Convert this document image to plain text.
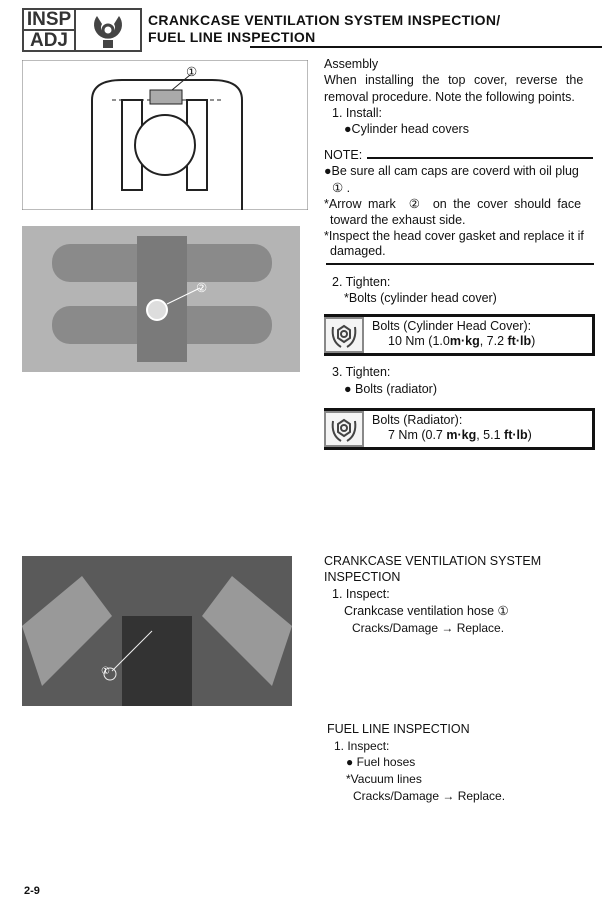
INSP
ADJ
CRANKCASE VENTILATION SYSTEM INSPECTION/
FUEL LINE INSPECTION
①
②
①
Assembly
When installing the top cover, reverse the
removal procedure. Note the following points.
1. Install:
●Cylinder head covers
NOTE:
●Be sure all cam caps are coverd with oil plug
① .
*Arrow mark  ②  on the cover should face
toward the exhaust side.
*Inspect the head cover gasket and replace it if
damaged.
2. Tighten:
*Bolts (cylinder head cover)
Bolts (Cylinder Head Cover):
10 Nm (1.0m·kg, 7.2 ft·lb)
3. Tighten:
● Bolts (radiator)
Bolts (Radiator):
7 Nm (0.7 m·kg, 5.1 ft·lb)
CRANKCASE VENTILATION SYSTEM
INSPECTION
1. Inspect:
Crankcase ventilation hose ①
Cracks/Damage → Replace.
FUEL LINE INSPECTION
1. Inspect:
● Fuel hoses
*Vacuum lines
Cracks/Damage → Replace.
2-9
